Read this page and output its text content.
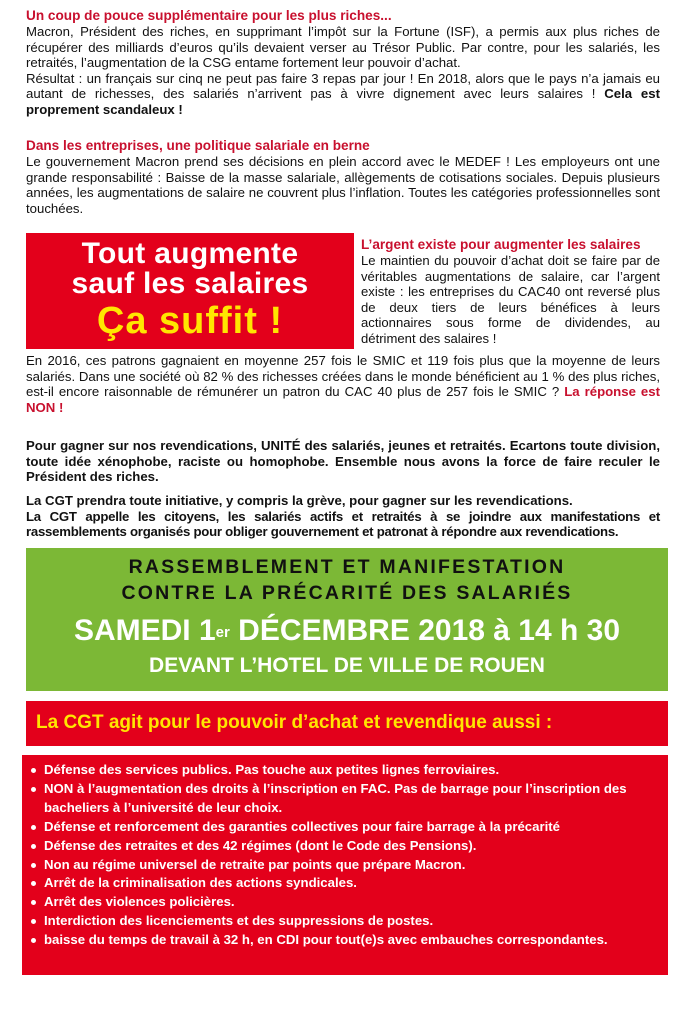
Un coup de pouce supplémentaire pour les plus riches...

Macron, Président des riches, en supprimant l’impôt sur la Fortune (ISF), a permis aux plus riches de récupérer des milliards d’euros qu’ils devaient verser au Trésor Public. Par contre, pour les salariés, les retraités, l’augmentation de la CSG entame fortement leur pouvoir d’achat.

Résultat : un français sur cinq ne peut pas faire 3 repas par jour ! En 2018, alors que le pays n’a jamais eu autant de richesses, des salariés n’arrivent pas à vivre dignement avec leurs salaires ! Cela est proprement scandaleux !

Dans les entreprises, une politique salariale en berne

Le gouvernement Macron prend ses décisions en plein accord avec le MEDEF ! Les employeurs ont une grande responsabilité : Baisse de la masse salariale, allègements de cotisations sociales. Depuis plusieurs années, les augmentations de salaire ne couvrent plus l’inflation. Toutes les catégories professionnelles sont touchées.

Tout augmente
sauf les salaires
Ça suffit !
L’argent existe pour augmenter les salaires

Le maintien du pouvoir d’achat doit se faire par de véritables augmentations de salaire, car l’argent existe : les entreprises du CAC40 ont reversé plus de deux tiers de leurs bénéfices à leurs actionnaires sous forme de dividendes, au détriment des salaires !

En 2016, ces patrons gagnaient en moyenne 257 fois le SMIC et 119 fois plus que la moyenne de leurs salariés. Dans une société où 82 % des richesses créées dans le monde bénéficient au 1 % des plus riches, est-il encore raisonnable de rémunérer un patron du CAC 40 plus de 257 fois le SMIC ? La réponse est NON !

Pour gagner sur nos revendications, UNITÉ des salariés, jeunes et retraités. Ecartons toute division, toute idée xénophobe, raciste ou homophobe. Ensemble nous avons la force de faire reculer le Président des riches.

La CGT prendra toute initiative, y compris la grève, pour gagner sur les revendications.

La CGT appelle les citoyens, les salariés actifs et retraités à se joindre aux manifestations et rassemblements organisés pour obliger gouvernement et patronat à répondre aux revendications.

RASSEMBLEMENT ET MANIFESTATION
CONTRE LA PRÉCARITÉ DES SALARIÉS
SAMEDI 1er DÉCEMBRE 2018 à 14 h 30
DEVANT L’HOTEL DE VILLE DE ROUEN
La CGT agit pour le pouvoir d’achat et revendique aussi :
Défense des services publics. Pas touche aux petites lignes ferroviaires.
NON à l’augmentation des droits à l’inscription en FAC. Pas de barrage pour l’inscription des bacheliers à l’université de leur choix.
Défense et renforcement des garanties collectives pour faire barrage à la précarité
Défense des retraites et des 42 régimes (dont le Code des Pensions).
Non au régime universel de retraite par points que prépare Macron.
Arrêt de la criminalisation des actions syndicales.
Arrêt des violences policières.
Interdiction des licenciements et des suppressions de postes.
baisse du temps de travail à 32 h, en CDI pour tout(e)s avec embauches correspondantes.
